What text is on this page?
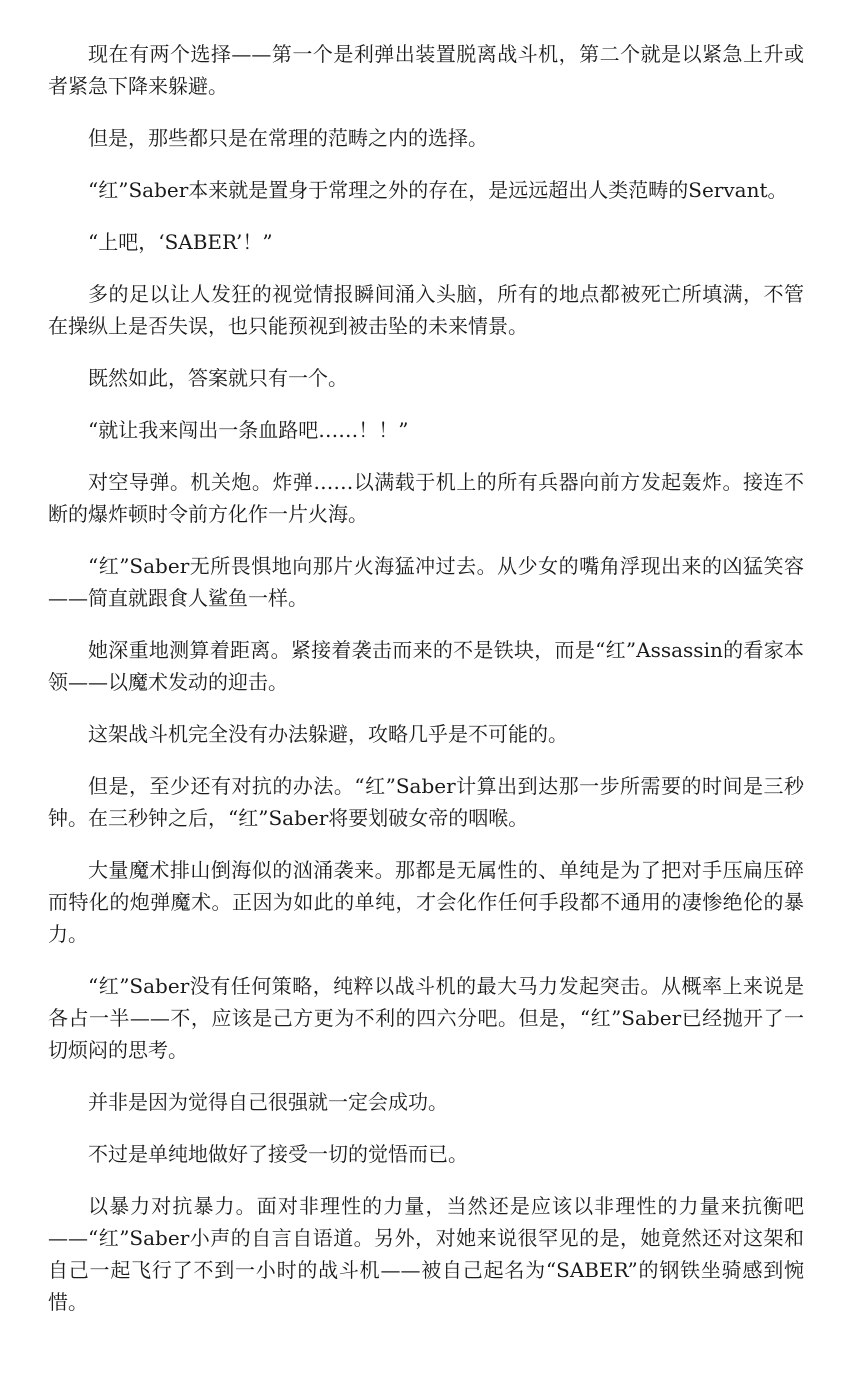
现在有两个选择——第一个是利弹出装置脱离战斗机，第二个就是以紧急上升或者紧急下降来躲避。

但是，那些都只是在常理的范畴之内的选择。

“红”Saber本来就是置身于常理之外的存在，是远远超出人类范畴的Servant。

“上吧，‘SABER’！”

多的足以让人发狂的视觉情报瞬间涌入头脑，所有的地点都被死亡所填满，不管在操纵上是否失误，也只能预视到被击坠的未来情景。

既然如此，答案就只有一个。

“就让我来闯出一条血路吧……！！”

对空导弹。机关炮。炸弹……以满载于机上的所有兵器向前方发起轰炸。接连不断的爆炸顿时令前方化作一片火海。

“红”Saber无所畏惧地向那片火海猛冲过去。从少女的嘴角浮现出来的凶猛笑容——简直就跟食人鲨鱼一样。

她深重地测算着距离。紧接着袭击而来的不是铁块，而是“红”Assassin的看家本领——以魔术发动的迎击。

这架战斗机完全没有办法躲避，攻略几乎是不可能的。

但是，至少还有对抗的办法。“红”Saber计算出到达那一步所需要的时间是三秒钟。在三秒钟之后，“红”Saber将要划破女帝的咽喉。

大量魔术排山倒海似的汹涌袭来。那都是无属性的、单纯是为了把对手压扁压碎而特化的炮弹魔术。正因为如此的单纯，才会化作任何手段都不通用的凄惨绝伦的暴力。

“红”Saber没有任何策略，纯粹以战斗机的最大马力发起突击。从概率上来说是各占一半——不，应该是己方更为不利的四六分吧。但是，“红”Saber已经抛开了一切烦闷的思考。

并非是因为觉得自己很强就一定会成功。

不过是单纯地做好了接受一切的觉悟而已。

以暴力对抗暴力。面对非理性的力量，当然还是应该以非理性的力量来抗衡吧——“红”Saber小声的自言自语道。另外，对她来说很罕见的是，她竟然还对这架和自己一起飞行了不到一小时的战斗机——被自己起名为“SABER”的钢铁坐骑感到惋惜。
